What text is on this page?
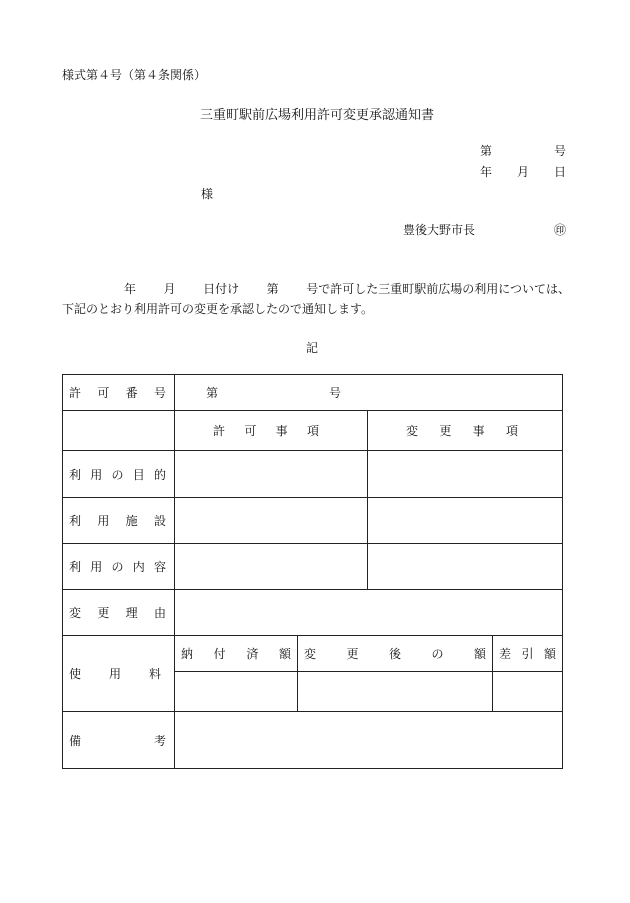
様式第４号（第４条関係）
三重町駅前広場利用許可変更承認通知書
第	号
年 月 日
様
豊後大野市長	㊞
年 月 日付け 第 号で許可した三重町駅前広場の利用については、
下記のとおり利用許可の変更を承認したので通知します。
記
許 可 番 号	第 号			

	許 可 事 項		変 更 事 項	

利 用 の 目 的				

利 用 施 設				

利 用 の 内 容				

変 更 理 由				

使 用 料	納 付 済 額	変 更 後 の 額		差 引 額

備 考				
